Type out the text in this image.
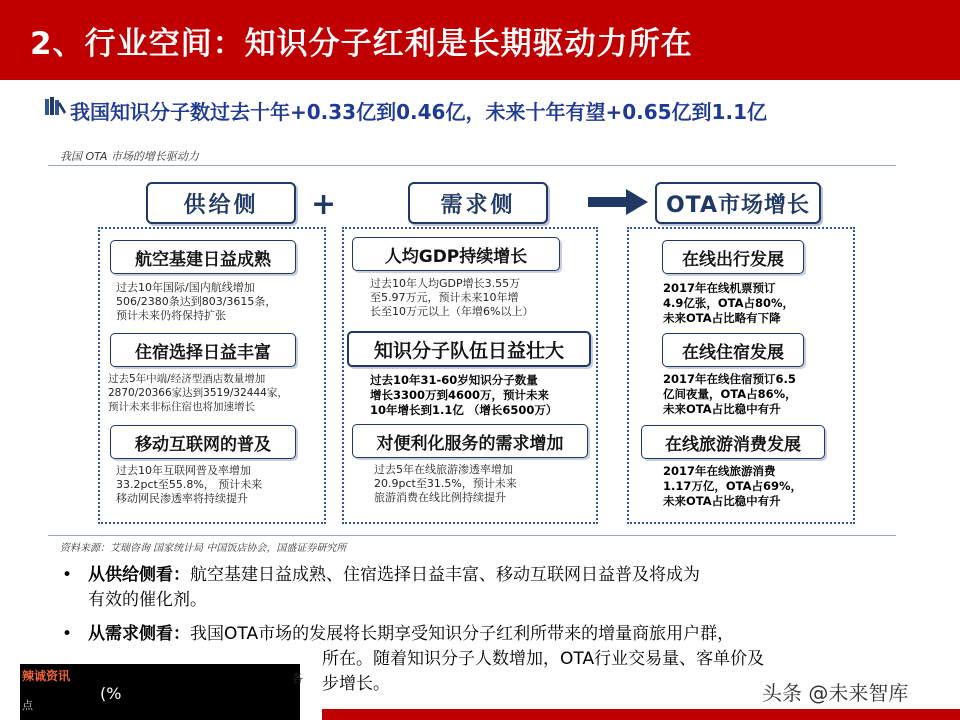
2、行业空间：知识分子红利是长期驱动力所在
我国知识分子数过去十年+0.33亿到0.46亿，未来十年有望+0.65亿到1.1亿
我国 OTA 市场的增长驱动力
供给侧	+	需求侧	OTA市场增长
航空基建日益成熟
过去10年国际/国内航线增加
506/2380条达到803/3615条，
预计未来仍将保持扩张
住宿选择日益丰富
过去5年中端/经济型酒店数量增加
2870/20366家达到3519/32444家，
预计未来非标住宿也将加速增长
移动互联网的普及
过去10年互联网普及率增加
33.2pct至55.8%， 预计未来
移动网民渗透率将持续提升
人均GDP持续增长
过去10年人均GDP增长3.55万
至5.97万元，预计未来10年增
长至10万元以上（年增6%以上）
知识分子队伍日益壮大
过去10年31-60岁知识分子数量
增长3300万到4600万，预计未来
10年增长到1.1亿 （增长6500万）
对便利化服务的需求增加
过去5年在线旅游渗透率增加
20.9pct至31.5%，预计未来
旅游消费在线比例持续提升
在线出行发展
2017年在线机票预订
4.9亿张，OTA占80%，
未来OTA占比略有下降
在线住宿发展
2017年在线住宿预订6.5
亿间夜量，OTA占86%，
未来OTA占比稳中有升
在线旅游消费发展
2017年在线旅游消费
1.17万亿，OTA占69%，
未来OTA占比稳中有升
资料来源：艾瑞咨询 国家统计局 中国饭店协会，国盛证券研究所
• 从供给侧看：航空基建日益成熟、住宿选择日益丰富、移动互联网日益普及将成为
有效的催化剂。
• 从需求侧看：我国OTA市场的发展将长期享受知识分子红利所带来的增量商旅用户群，
所在。随着知识分子人数增加，OTA行业交易量、客单价及
步增长。
辣诚资讯
点
(%
各
头条 @未来智库
